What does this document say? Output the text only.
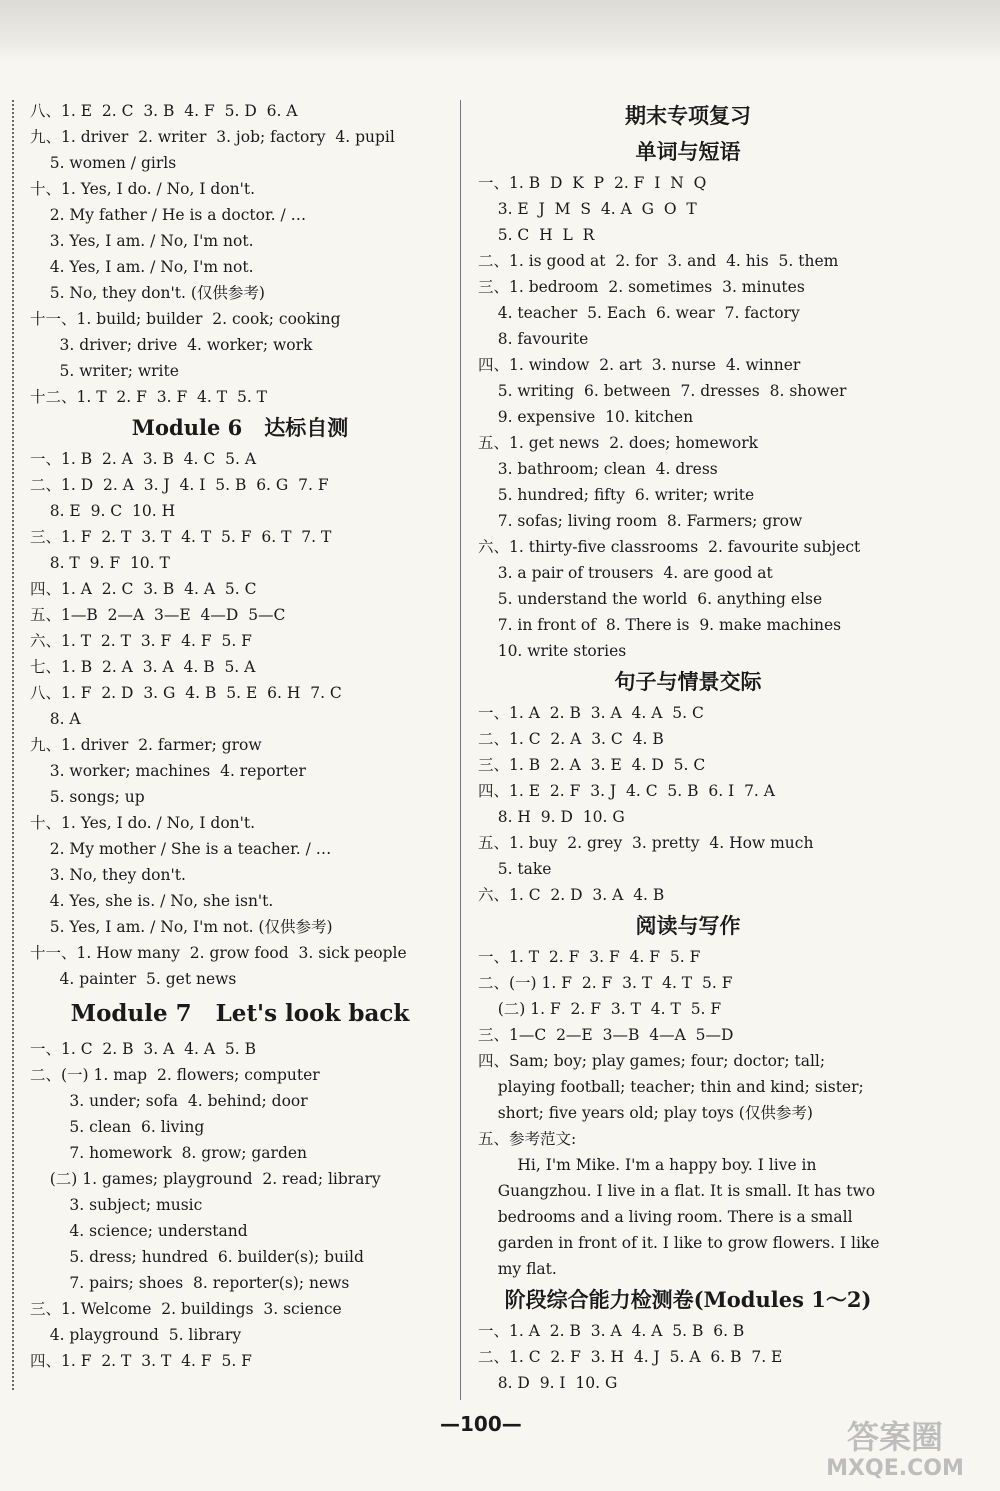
八、1. E  2. C  3. B  4. F  5. D  6. A
九、1. driver  2. writer  3. job; factory  4. pupil
5. women / girls
十、1. Yes, I do. / No, I don't.
2. My father / He is a doctor. / …
3. Yes, I am. / No, I'm not.
4. Yes, I am. / No, I'm not.
5. No, they don't. (仅供参考)
十一、1. build; builder  2. cook; cooking
3. driver; drive  4. worker; work
5. writer; write
十二、1. T  2. F  3. F  4. T  5. T
Module 6   达标自测
一、1. B  2. A  3. B  4. C  5. A
二、1. D  2. A  3. J  4. I  5. B  6. G  7. F
8. E  9. C  10. H
三、1. F  2. T  3. T  4. T  5. F  6. T  7. T
8. T  9. F  10. T
四、1. A  2. C  3. B  4. A  5. C
五、1—B  2—A  3—E  4—D  5—C
六、1. T  2. T  3. F  4. F  5. F
七、1. B  2. A  3. A  4. B  5. A
八、1. F  2. D  3. G  4. B  5. E  6. H  7. C
8. A
九、1. driver  2. farmer; grow
3. worker; machines  4. reporter
5. songs; up
十、1. Yes, I do. / No, I don't.
2. My mother / She is a teacher. / …
3. No, they don't.
4. Yes, she is. / No, she isn't.
5. Yes, I am. / No, I'm not. (仅供参考)
十一、1. How many  2. grow food  3. sick people
4. painter  5. get news
Module 7   Let's look back
一、1. C  2. B  3. A  4. A  5. B
二、(一) 1. map  2. flowers; computer
3. under; sofa  4. behind; door
5. clean  6. living
7. homework  8. grow; garden
(二) 1. games; playground  2. read; library
3. subject; music
4. science; understand
5. dress; hundred  6. builder(s); build
7. pairs; shoes  8. reporter(s); news
三、1. Welcome  2. buildings  3. science
4. playground  5. library
四、1. F  2. T  3. T  4. F  5. F
期末专项复习
单词与短语
一、1. B  D  K  P  2. F  I  N  Q
3. E  J  M  S  4. A  G  O  T
5. C  H  L  R
二、1. is good at  2. for  3. and  4. his  5. them
三、1. bedroom  2. sometimes  3. minutes
4. teacher  5. Each  6. wear  7. factory
8. favourite
四、1. window  2. art  3. nurse  4. winner
5. writing  6. between  7. dresses  8. shower
9. expensive  10. kitchen
五、1. get news  2. does; homework
3. bathroom; clean  4. dress
5. hundred; fifty  6. writer; write
7. sofas; living room  8. Farmers; grow
六、1. thirty-five classrooms  2. favourite subject
3. a pair of trousers  4. are good at
5. understand the world  6. anything else
7. in front of  8. There is  9. make machines
10. write stories
句子与情景交际
一、1. A  2. B  3. A  4. A  5. C
二、1. C  2. A  3. C  4. B
三、1. B  2. A  3. E  4. D  5. C
四、1. E  2. F  3. J  4. C  5. B  6. I  7. A
8. H  9. D  10. G
五、1. buy  2. grey  3. pretty  4. How much
5. take
六、1. C  2. D  3. A  4. B
阅读与写作
一、1. T  2. F  3. F  4. F  5. F
二、(一) 1. F  2. F  3. T  4. T  5. F
(二) 1. F  2. F  3. T  4. T  5. F
三、1—C  2—E  3—B  4—A  5—D
四、Sam; boy; play games; four; doctor; tall;
playing football; teacher; thin and kind; sister;
short; five years old; play toys (仅供参考)
五、参考范文:
Hi, I'm Mike. I'm a happy boy. I live in
Guangzhou. I live in a flat. It is small. It has two
bedrooms and a living room. There is a small
garden in front of it. I like to grow flowers. I like
my flat.
阶段综合能力检测卷(Modules 1～2)
一、1. A  2. B  3. A  4. A  5. B  6. B
二、1. C  2. F  3. H  4. J  5. A  6. B  7. E
8. D  9. I  10. G
—100—	答案圈
MXQE.COM
